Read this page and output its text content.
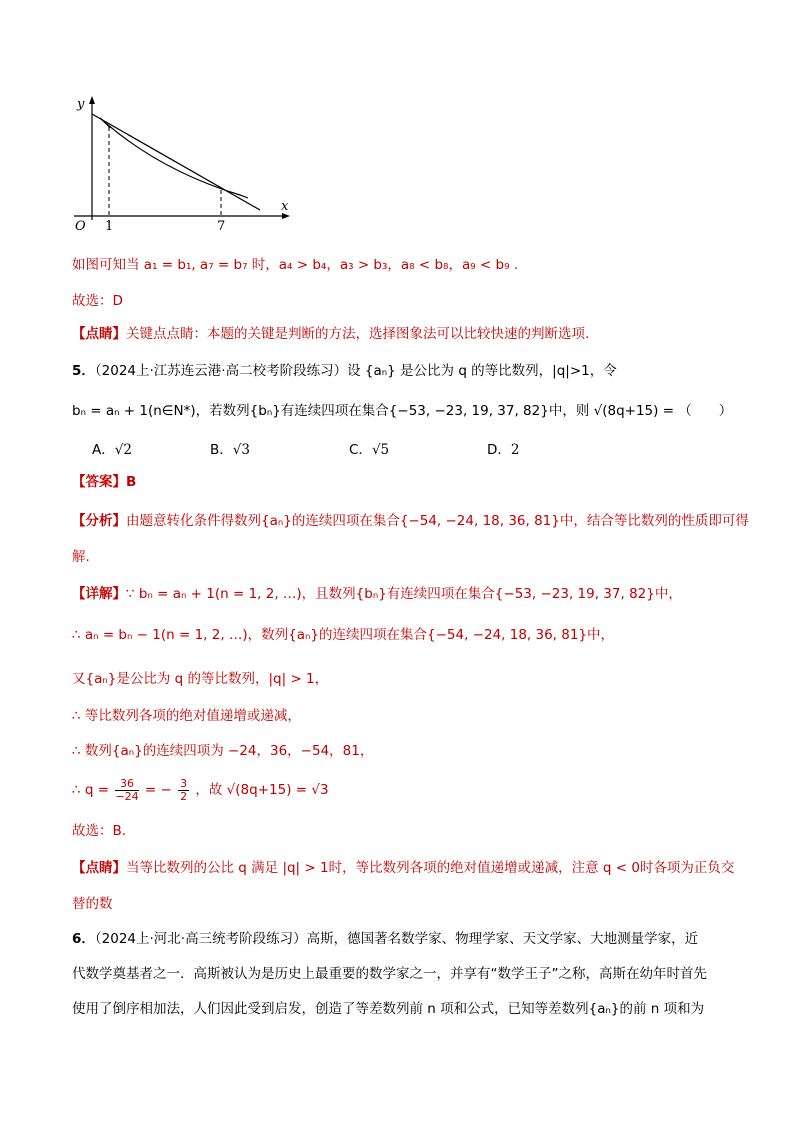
y
x
O 1	7
如图可知当 a₁ = b₁, a₇ = b₇ 时，a₄ > b₄，a₃ > b₃，a₈ < b₈，a₉ < b₉ .
故选：D
【点睛】关键点点睛：本题的关键是判断的方法，选择图象法可以比较快速的判断选项.
5．（2024上·江苏连云港·高二校考阶段练习）设 {aₙ} 是公比为 q 的等比数列，|q|>1，令
bₙ = aₙ + 1(n∈N*)，若数列{bₙ}有连续四项在集合{−53, −23, 19, 37, 82}中，则 √(8q+15) = （　　）
A．√2	B．√3	C．√5	D．2
【答案】B
【分析】由题意转化条件得数列{aₙ}的连续四项在集合{−54, −24, 18, 36, 81}中，结合等比数列的性质即可得
解.
【详解】∵ bₙ = aₙ + 1(n = 1, 2, …)，且数列{bₙ}有连续四项在集合{−53, −23, 19, 37, 82}中，
∴ aₙ = bₙ − 1(n = 1, 2, …)，数列{aₙ}的连续四项在集合{−54, −24, 18, 36, 81}中，
又{aₙ}是公比为 q 的等比数列，|q| > 1，
∴ 等比数列各项的绝对值递增或递减，
∴ 数列{aₙ}的连续四项为 −24，36，−54，81，
∴ $q = \frac{36}{-24}$ = − $\frac{3}{2}$ ，故 √(8q+15) = √3
故选：B.
【点睛】当等比数列的公比 q 满足 |q| > 1时，等比数列各项的绝对值递增或递减，注意 q < 0时各项为正负交
替的数
6．（2024上·河北·高三统考阶段练习）高斯，德国著名数学家、物理学家、天文学家、大地测量学家，近
代数学奠基者之一．高斯被认为是历史上最重要的数学家之一，并享有“数学王子”之称，高斯在幼年时首先
使用了倒序相加法，人们因此受到启发，创造了等差数列前 n 项和公式，已知等差数列{aₙ}的前 n 项和为
